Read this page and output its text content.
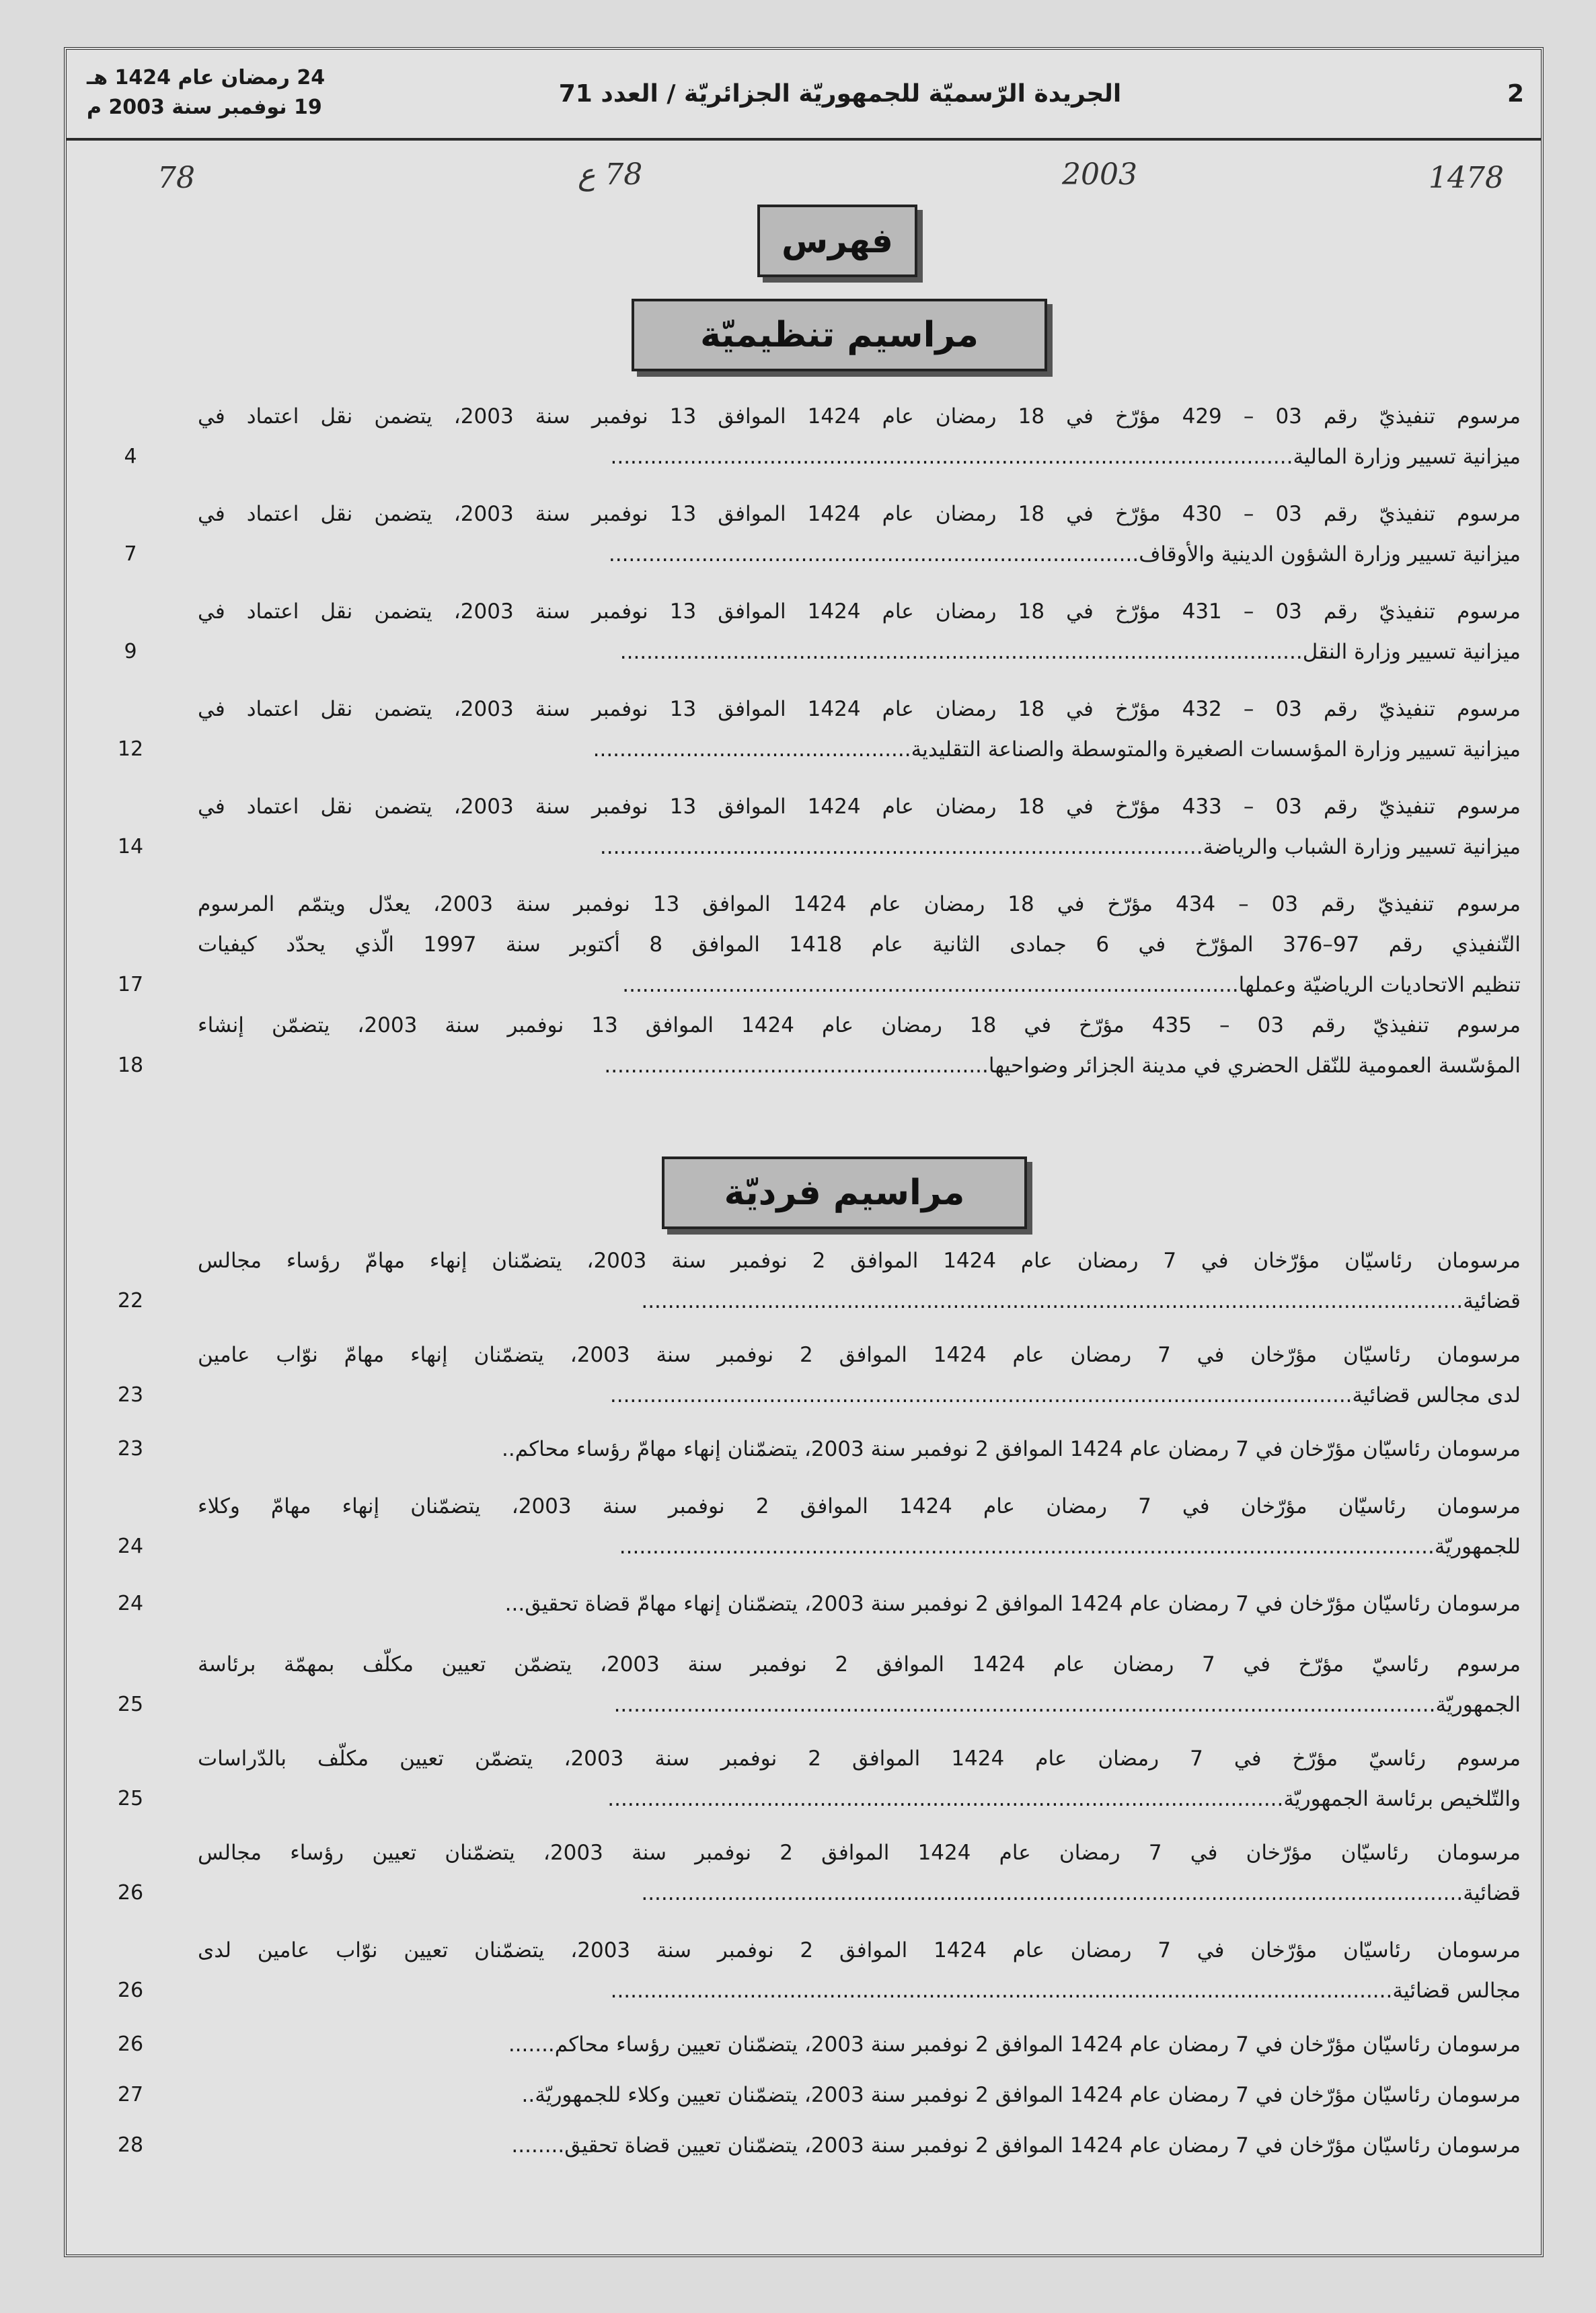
24 رمضان عام 1424 هـ
19 نوفمبر سنة 2003 م	الجريدة الرّسميّة للجمهوريّة الجزائريّة / العدد 71	2
1478
2003
78 ع
78
فهرس
مراسيم تنظيميّة
مرسوم تنفيذيّ رقم 03 – 429 مؤرّخ في 18 رمضان عام 1424 الموافق 13 نوفمبر سنة 2003، يتضمن نقل اعتماد في
ميزانية تسيير وزارة المالية.......................................................................................................
4
مرسوم تنفيذيّ رقم 03 – 430 مؤرّخ في 18 رمضان عام 1424 الموافق 13 نوفمبر سنة 2003، يتضمن نقل اعتماد في
ميزانية تسيير وزارة الشؤون الدينية والأوقاف................................................................................
7
مرسوم تنفيذيّ رقم 03 – 431 مؤرّخ في 18 رمضان عام 1424 الموافق 13 نوفمبر سنة 2003، يتضمن نقل اعتماد في
ميزانية تسيير وزارة النقل.......................................................................................................
9
مرسوم تنفيذيّ رقم 03 – 432 مؤرّخ في 18 رمضان عام 1424 الموافق 13 نوفمبر سنة 2003، يتضمن نقل اعتماد في
ميزانية تسيير وزارة المؤسسات الصغيرة والمتوسطة والصناعة التقليدية................................................
12
مرسوم تنفيذيّ رقم 03 – 433 مؤرّخ في 18 رمضان عام 1424 الموافق 13 نوفمبر سنة 2003، يتضمن نقل اعتماد في
ميزانية تسيير وزارة الشباب والرياضة...........................................................................................
14
مرسوم تنفيذيّ رقم 03 – 434 مؤرّخ في 18 رمضان عام 1424 الموافق 13 نوفمبر سنة 2003، يعدّل ويتمّم المرسوم
التّنفيذي رقم 97–376 المؤرّخ في 6 جمادى الثانية عام 1418 الموافق 8 أكتوبر سنة 1997 الّذي يحدّد كيفيات
تنظيم الاتحاديات الرياضيّة وعملها.............................................................................................
17
مرسوم تنفيذيّ رقم 03 – 435 مؤرّخ في 18 رمضان عام 1424 الموافق 13 نوفمبر سنة 2003، يتضمّن إنشاء
المؤسّسة العمومية للنّقل الحضري في مدينة الجزائر وضواحيها..........................................................
18
مراسيم فرديّة
مرسومان رئاسيّان مؤرّخان في 7 رمضان عام 1424 الموافق 2 نوفمبر سنة 2003، يتضمّنان إنهاء مهامّ رؤساء مجالس
قضائية............................................................................................................................
22
مرسومان رئاسيّان مؤرّخان في 7 رمضان عام 1424 الموافق 2 نوفمبر سنة 2003، يتضمّنان إنهاء مهامّ نوّاب عامين
لدى مجالس قضائية................................................................................................................
23
مرسومان رئاسيّان مؤرّخان في 7 رمضان عام 1424 الموافق 2 نوفمبر سنة 2003، يتضمّنان إنهاء مهامّ رؤساء محاكم..
23
مرسومان رئاسيّان مؤرّخان في 7 رمضان عام 1424 الموافق 2 نوفمبر سنة 2003، يتضمّنان إنهاء مهامّ وكلاء
للجمهوريّة...........................................................................................................................
24
مرسومان رئاسيّان مؤرّخان في 7 رمضان عام 1424 الموافق 2 نوفمبر سنة 2003، يتضمّنان إنهاء مهامّ قضاة تحقيق...
24
مرسوم رئاسيّ مؤرّخ في 7 رمضان عام 1424 الموافق 2 نوفمبر سنة 2003، يتضمّن تعيين مكلّف بمهمّة برئاسة
الجمهوريّة............................................................................................................................
25
مرسوم رئاسيّ مؤرّخ في 7 رمضان عام 1424 الموافق 2 نوفمبر سنة 2003، يتضمّن تعيين مكلّف بالدّراسات
والتّلخيص برئاسة الجمهوريّة......................................................................................................
25
مرسومان رئاسيّان مؤرّخان في 7 رمضان عام 1424 الموافق 2 نوفمبر سنة 2003، يتضمّنان تعيين رؤساء مجالس
قضائية............................................................................................................................
26
مرسومان رئاسيّان مؤرّخان في 7 رمضان عام 1424 الموافق 2 نوفمبر سنة 2003، يتضمّنان تعيين نوّاب عامين لدى
مجالس قضائية......................................................................................................................
26
مرسومان رئاسيّان مؤرّخان في 7 رمضان عام 1424 الموافق 2 نوفمبر سنة 2003، يتضمّنان تعيين رؤساء محاكم.......
26
مرسومان رئاسيّان مؤرّخان في 7 رمضان عام 1424 الموافق 2 نوفمبر سنة 2003، يتضمّنان تعيين وكلاء للجمهوريّة..
27
مرسومان رئاسيّان مؤرّخان في 7 رمضان عام 1424 الموافق 2 نوفمبر سنة 2003، يتضمّنان تعيين قضاة تحقيق........
28
